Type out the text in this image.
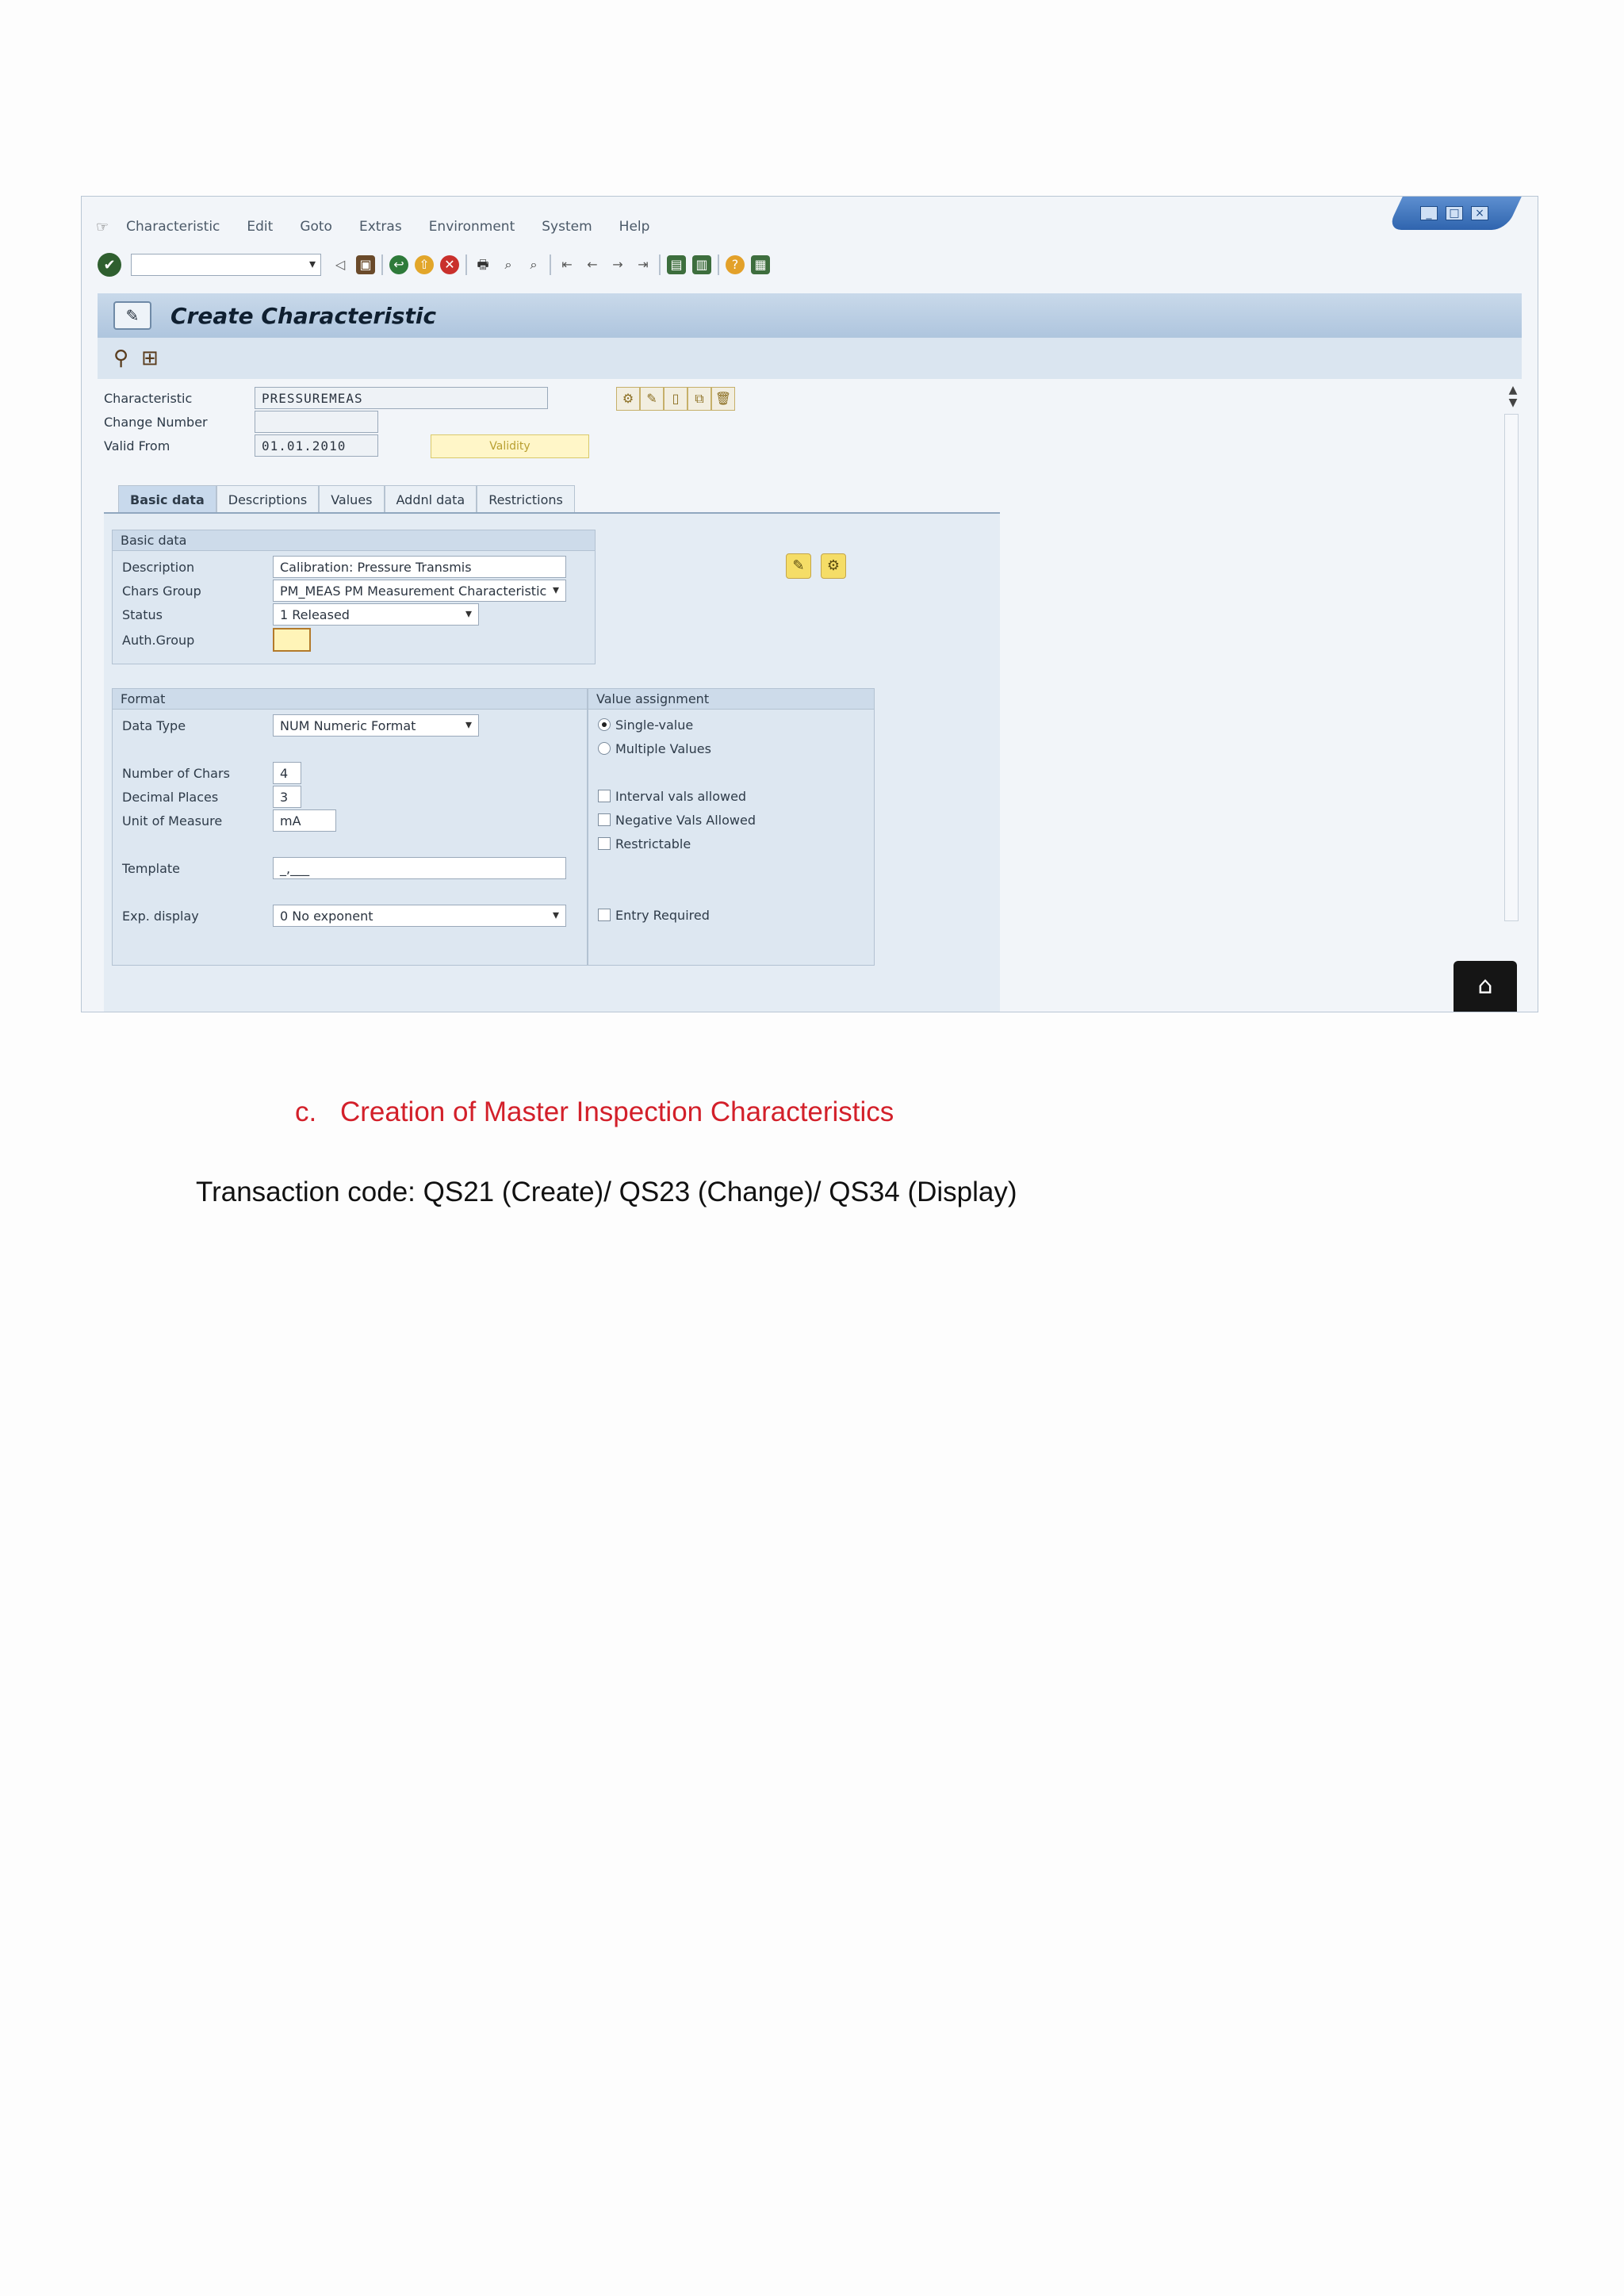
_	□	×
☞ Characteristic Edit Goto Extras Environment System Help
✔
▾	◁	▣	↩	⇧	✕	🖶	⌕	⌕	⇤	←	→	⇥	▤ ▥	?	▦
✎	Create Characteristic
⚲ ⊞
Characteristic	PRESSUREMEAS
Change Number
Valid From	01.01.2010	Validity
⚙	✎	▯	⧉ 🗑
▲
▼
Basic data	Descriptions	Values	Addnl data	Restrictions
Basic data
Description	Calibration: Pressure Transmis
Chars Group	PM_MEAS PM Measurement Characteristic ▾
Status	1 Released ▾
Auth.Group
Format
Data Type	NUM Numeric Format ▾
Number of Chars	4
Decimal Places	3
Unit of Measure	mA
Template	_,___
Exp. display	0 No exponent ▾
Value assignment
Single-value
Multiple Values
Interval vals allowed
Negative Vals Allowed
Restrictable
Entry Required
✎	⚙
⌂
c. Creation of Master Inspection Characteristics
Transaction code: QS21 (Create)/ QS23 (Change)/ QS34 (Display)
